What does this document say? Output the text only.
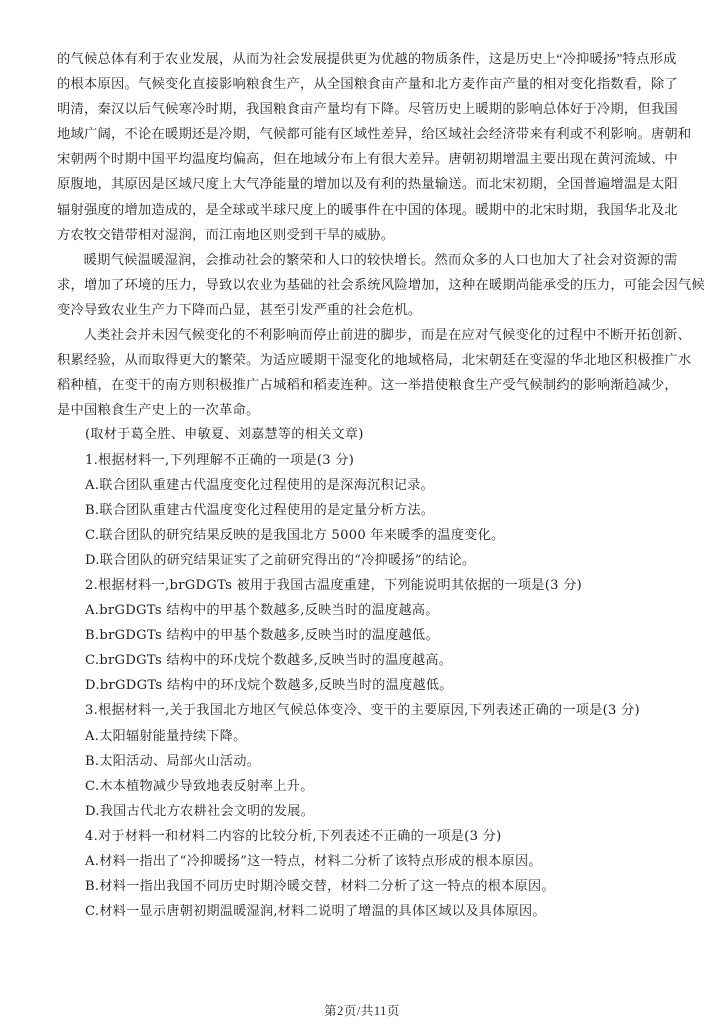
的气候总体有利于农业发展，从而为社会发展提供更为优越的物质条件，这是历史上“冷抑暖扬”特点形成
的根本原因。气候变化直接影响粮食生产，从全国粮食亩产量和北方麦作亩产量的相对变化指数看，除了
明清，秦汉以后气候寒冷时期，我国粮食亩产量均有下降。尽管历史上暖期的影响总体好于冷期，但我国
地域广阔，不论在暖期还是冷期，气候都可能有区域性差异，给区域社会经济带来有利或不利影响。唐朝和
宋朝两个时期中国平均温度均偏高，但在地域分布上有很大差异。唐朝初期增温主要出现在黄河流域、中
原腹地，其原因是区域尺度上大气净能量的增加以及有利的热量输送。而北宋初期，全国普遍增温是太阳
辐射强度的增加造成的，是全球或半球尺度上的暖事件在中国的体现。暖期中的北宋时期，我国华北及北
方农牧交错带相对湿润，而江南地区则受到干旱的威胁。
暖期气候温暖湿润，会推动社会的繁荣和人口的较快增长。然而众多的人口也加大了社会对资源的需
求，增加了环境的压力，导致以农业为基础的社会系统风险增加，这种在暖期尚能承受的压力，可能会因气候
变冷导致农业生产力下降而凸显，甚至引发严重的社会危机。
人类社会并未因气候变化的不利影响而停止前进的脚步，而是在应对气候变化的过程中不断开拓创新、
积累经验，从而取得更大的繁荣。为适应暖期干湿变化的地域格局，北宋朝廷在变湿的华北地区积极推广水
稻种植，在变干的南方则积极推广占城稻和稻麦连种。这一举措使粮食生产受气候制约的影响渐趋减少，
是中国粮食生产史上的一次革命。
(取材于葛全胜、申敏夏、刘嘉慧等的相关文章)
1.根据材料一,下列理解不正确的一项是(3 分)
A.联合团队重建古代温度变化过程使用的是深海沉积记录。
B.联合团队重建古代温度变化过程使用的是定量分析方法。
C.联合团队的研究结果反映的是我国北方 5000 年来暖季的温度变化。
D.联合团队的研究结果证实了之前研究得出的“冷抑暖扬”的结论。
2.根据材料一,brGDGTs 被用于我国古温度重建，下列能说明其依据的一项是(3 分)
A.brGDGTs 结构中的甲基个数越多,反映当时的温度越高。
B.brGDGTs 结构中的甲基个数越多,反映当时的温度越低。
C.brGDGTs 结构中的环戊烷个数越多,反映当时的温度越高。
D.brGDGTs 结构中的环戊烷个数越多,反映当时的温度越低。
3.根据材料一,关于我国北方地区气候总体变冷、变干的主要原因,下列表述正确的一项是(3 分)
A.太阳辐射能量持续下降。
B.太阳活动、局部火山活动。
C.木本植物减少导致地表反射率上升。
D.我国古代北方农耕社会文明的发展。
4.对于材料一和材料二内容的比较分析,下列表述不正确的一项是(3 分)
A.材料一指出了“冷抑暖扬”这一特点，材料二分析了该特点形成的根本原因。
B.材料一指出我国不同历史时期冷暖交替，材料二分析了这一特点的根本原因。
C.材料一显示唐朝初期温暖湿润,材料二说明了增温的具体区域以及具体原因。
第2页/共11页
